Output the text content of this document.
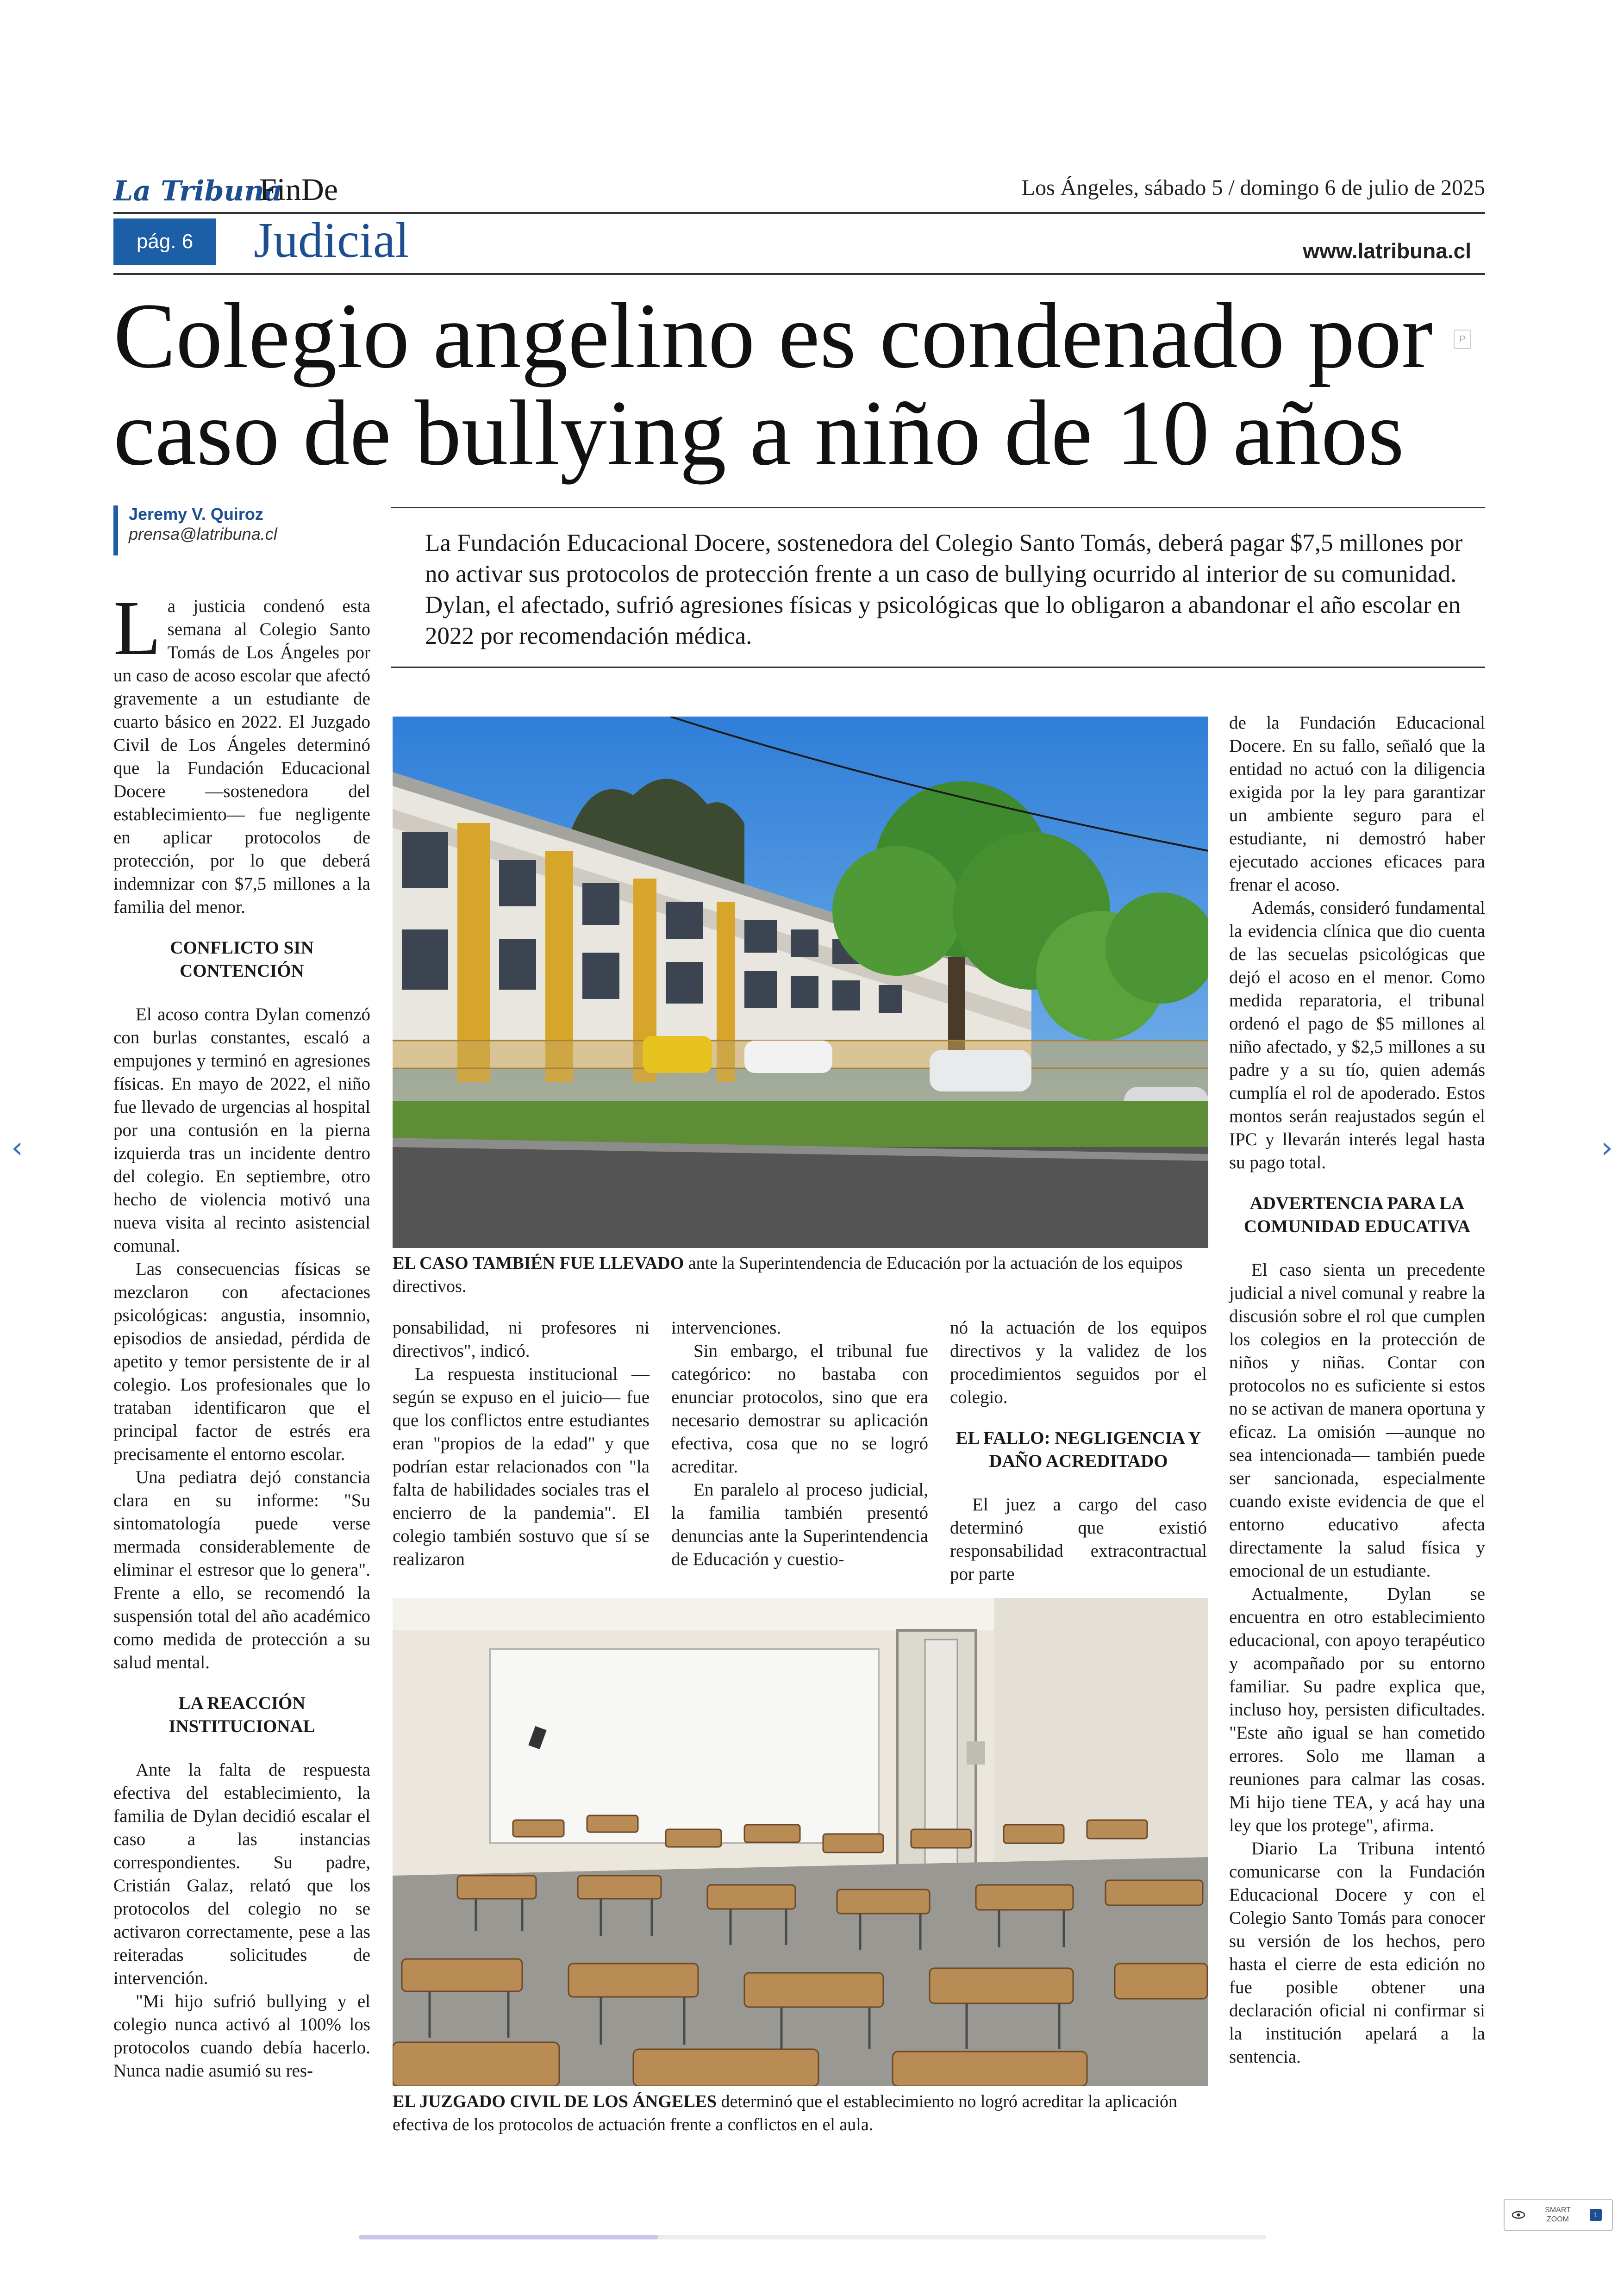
La Tribuna
FinDe	Los Ángeles, sábado 5 / domingo 6 de julio de 2025
pág. 6	Judicial	www.latribuna.cl
Colegio angelino es condenado por caso de bullying a niño de 10 años
P
Jeremy V. Quiroz
prensa@latribuna.cl	La Fundación Educacional Docere, sostenedora del Colegio Santo Tomás, deberá pagar $7,5 millones por no activar sus protocolos de protección frente a un caso de bullying ocurrido al interior de su comunidad. Dylan, el afectado, sufrió agresiones físicas y psicológicas que lo obligaron a abandonar el año escolar en 2022 por recomendación médica.

La justicia condenó esta semana al Colegio Santo Tomás de Los Ángeles por un caso de acoso escolar que afectó gravemente a un estudiante de cuarto básico en 2022. El Juzgado Civil de Los Ángeles determinó que la Fundación Educacional Docere —sostenedora del establecimiento— fue negligente en aplicar protocolos de protección, por lo que deberá indemnizar con $7,5 millones a la familia del menor.

CONFLICTO SIN CONTENCIÓN

El acoso contra Dylan comenzó con burlas constantes, escaló a empujones y terminó en agresiones físicas. En mayo de 2022, el niño fue llevado de urgencias al hospital por una contusión en la pierna izquierda tras un incidente dentro del colegio. En septiembre, otro hecho de violencia motivó una nueva visita al recinto asistencial comunal.

Las consecuencias físicas se mezclaron con afectaciones psicológicas: angustia, insomnio, episodios de ansiedad, pérdida de apetito y temor persistente de ir al colegio. Los profesionales que lo trataban identificaron que el principal factor de estrés era precisamente el entorno escolar.

Una pediatra dejó constancia clara en su informe: "Su sintomatología puede verse mermada considerablemente de eliminar el estresor que lo genera". Frente a ello, se recomendó la suspensión total del año académico como medida de protección a su salud mental.

LA REACCIÓN INSTITUCIONAL

Ante la falta de respuesta efectiva del establecimiento, la familia de Dylan decidió escalar el caso a las instancias correspondientes. Su padre, Cristián Galaz, relató que los protocolos del colegio no se activaron correctamente, pese a las reiteradas solicitudes de intervención.

"Mi hijo sufrió bullying y el colegio nunca activó al 100% los protocolos cuando debía hacerlo. Nunca nadie asumió su res-

EL CASO TAMBIÉN FUE LLEVADO ante la Superintendencia de Educación por la actuación de los equipos directivos.

ponsabilidad, ni profesores ni directivos", indicó.

La respuesta institucional —según se expuso en el juicio— fue que los conflictos entre estudiantes eran "propios de la edad" y que podrían estar relacionados con "la falta de habilidades sociales tras el encierro de la pandemia". El colegio también sostuvo que sí se realizaron

intervenciones.

Sin embargo, el tribunal fue categórico: no bastaba con enunciar protocolos, sino que era necesario demostrar su aplicación efectiva, cosa que no se logró acreditar.

En paralelo al proceso judicial, la familia también presentó denuncias ante la Superintendencia de Educación y cuestio-

nó la actuación de los equipos directivos y la validez de los procedimientos seguidos por el colegio.

EL FALLO: NEGLIGENCIA Y DAÑO ACREDITADO

El juez a cargo del caso determinó que existió responsabilidad extracontractual por parte

EL JUZGADO CIVIL DE LOS ÁNGELES determinó que el establecimiento no logró acreditar la aplicación efectiva de los protocolos de actuación frente a conflictos en el aula.

de la Fundación Educacional Docere. En su fallo, señaló que la entidad no actuó con la diligencia exigida por la ley para garantizar un ambiente seguro para el estudiante, ni demostró haber ejecutado acciones eficaces para frenar el acoso.

Además, consideró fundamental la evidencia clínica que dio cuenta de las secuelas psicológicas que dejó el acoso en el menor. Como medida reparatoria, el tribunal ordenó el pago de $5 millones al niño afectado, y $2,5 millones a su padre y a su tío, quien además cumplía el rol de apoderado. Estos montos serán reajustados según el IPC y llevarán interés legal hasta su pago total.

ADVERTENCIA PARA LA COMUNIDAD EDUCATIVA

El caso sienta un precedente judicial a nivel comunal y reabre la discusión sobre el rol que cumplen los colegios en la protección de niños y niñas. Contar con protocolos no es suficiente si estos no se activan de manera oportuna y eficaz. La omisión —aunque no sea intencionada— también puede ser sancionada, especialmente cuando existe evidencia de que el entorno educativo afecta directamente la salud física y emocional de un estudiante.

Actualmente, Dylan se encuentra en otro establecimiento educacional, con apoyo terapéutico y acompañado por su entorno familiar. Su padre explica que, incluso hoy, persisten dificultades. "Este año igual se han cometido errores. Solo me llaman a reuniones para calmar las cosas. Mi hijo tiene TEA, y acá hay una ley que los protege", afirma.

Diario La Tribuna intentó comunicarse con la Fundación Educacional Docere y con el Colegio Santo Tomás para conocer su versión de los hechos, pero hasta el cierre de esta edición no fue posible obtener una declaración oficial ni confirmar si la institución apelará a la sentencia.

‹	›
SMART
ZOOM
1
